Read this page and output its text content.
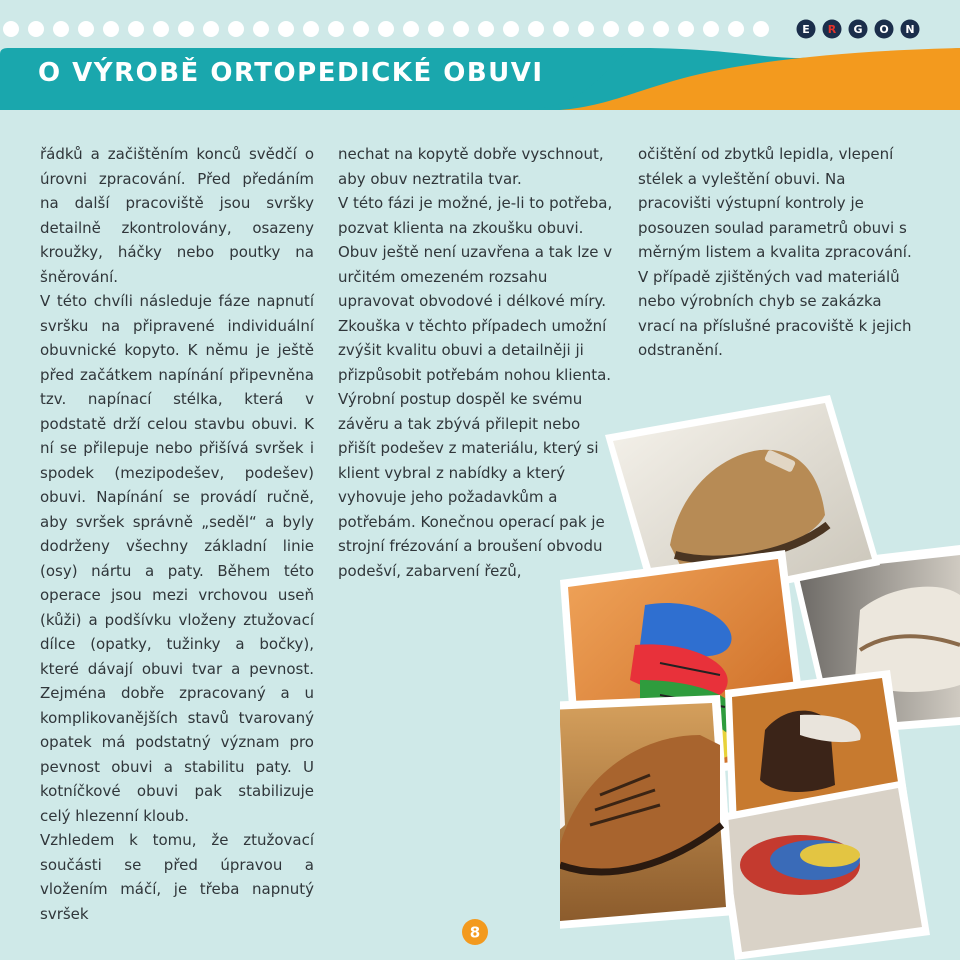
E R G O N
O VÝROBĚ ORTOPEDICKÉ OBUVI

řádků a začištěním konců svědčí o úrovni zpracování. Před předáním na další pracoviště jsou svršky detailně zkontrolovány, osazeny kroužky, háčky nebo poutky na šněrování.

V této chvíli následuje fáze napnutí svršku na připravené individuální obuvnické kopyto. K němu je ještě před začátkem napínání připevněna tzv. napínací stélka, která v podstatě drží celou stavbu obuvi. K ní se přilepuje nebo přišívá svršek i spodek (mezipodešev, podešev) obuvi. Napínání se provádí ručně, aby svršek správně „seděl“ a byly dodrženy všechny základní linie (osy) nártu a paty. Během této operace jsou mezi vrchovou useň (kůži) a podšívku vloženy ztužovací dílce (opatky, tužinky a bočky), které dávají obuvi tvar a pevnost. Zejména dobře zpracovaný a u komplikovanějších stavů tvarovaný opatek má podstatný význam pro pevnost obuvi a stabilitu paty. U kotníčkové obuvi pak stabilizuje celý hlezenní kloub.

Vzhledem k tomu, že ztužovací součásti se před úpravou a vložením máčí, je třeba napnutý svršek

nechat na kopytě dobře vyschnout, aby obuv neztratila tvar.

V této fázi je možné, je-li to potřeba, pozvat klienta na zkoušku obuvi. Obuv ještě není uzavřena a tak lze v určitém omezeném rozsahu upravovat obvodové i délkové míry. Zkouška v těchto případech umožní zvýšit kvalitu obuvi a detailněji ji přizpůsobit potřebám nohou klienta.

Výrobní postup dospěl ke svému závěru a tak zbývá přilepit nebo přišít podešev z materiálu, který si klient vybral z nabídky a který vyhovuje jeho požadavkům a potřebám. Konečnou operací pak je strojní frézování a broušení obvodu podešví, zabarvení řezů,

očištění od zbytků lepidla, vlepení stélek a vyleštění obuvi. Na pracovišti výstupní kontroly je posouzen soulad parametrů obuvi s měrným listem a kvalita zpracování. V případě zjištěných vad materiálů nebo výrobních chyb se zakázka vrací na příslušné pracoviště k jejich odstranění.

8
